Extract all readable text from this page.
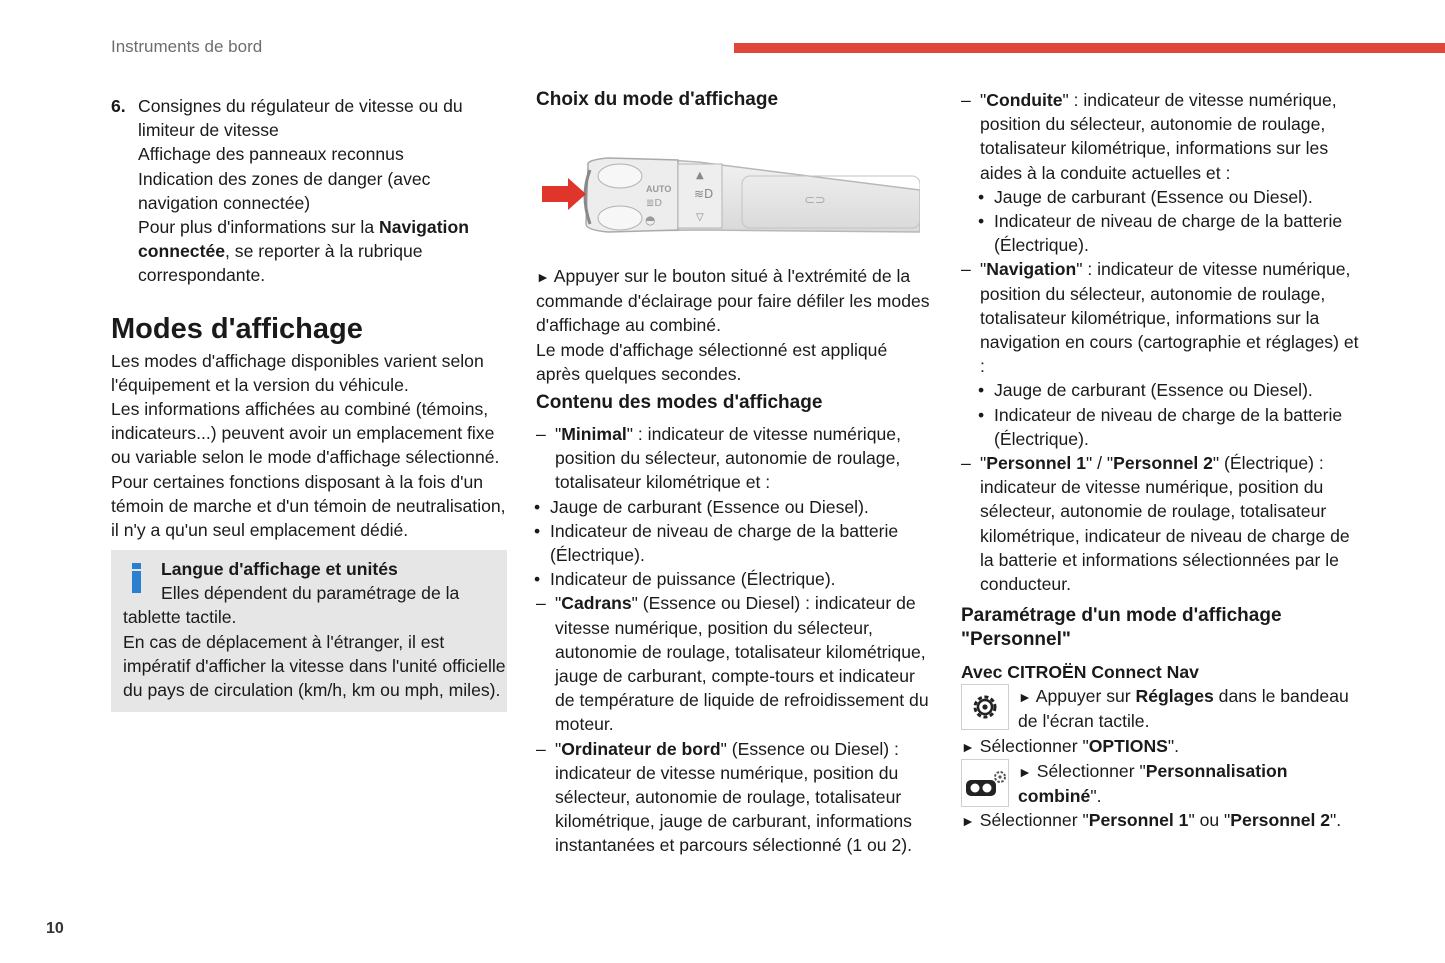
Instruments de bord
6. Consignes du régulateur de vitesse ou du limiteur de vitesse

Affichage des panneaux reconnus

Indication des zones de danger (avec navigation connectée)

Pour plus d'informations sur la Navigation connectée, se reporter à la rubrique correspondante.

Modes d'affichage

Les modes d'affichage disponibles varient selon l'équipement et la version du véhicule.

Les informations affichées au combiné (témoins, indicateurs...) peuvent avoir un emplacement fixe ou variable selon le mode d'affichage sélectionné.

Pour certaines fonctions disposant à la fois d'un témoin de marche et d'un témoin de neutralisation, il n'y a qu'un seul emplacement dédié.

Langue d'affichage et unités

Elles dépendent du paramétrage de la

tablette tactile.

En cas de déplacement à l'étranger, il est impératif d'afficher la vitesse dans l'unité officielle du pays de circulation (km/h, km ou mph, miles).

Choix du mode d'affichage
AUTO
≣D
◓
▲
≋D
▽
⊂⊃

► Appuyer sur le bouton situé à l'extrémité de la commande d'éclairage pour faire défiler les modes d'affichage au combiné.

Le mode d'affichage sélectionné est appliqué après quelques secondes.

Contenu des modes d'affichage

– "Minimal" : indicateur de vitesse numérique, position du sélecteur, autonomie de roulage, totalisateur kilométrique et :

• Jauge de carburant (Essence ou Diesel).

• Indicateur de niveau de charge de la batterie (Électrique).

• Indicateur de puissance (Électrique).

– "Cadrans" (Essence ou Diesel) : indicateur de vitesse numérique, position du sélecteur, autonomie de roulage, totalisateur kilométrique, jauge de carburant, compte-tours et indicateur de température de liquide de refroidissement du moteur.

– "Ordinateur de bord" (Essence ou Diesel) : indicateur de vitesse numérique, position du sélecteur, autonomie de roulage, totalisateur kilométrique, jauge de carburant, informations instantanées et parcours sélectionné (1 ou 2).

– "Conduite" : indicateur de vitesse numérique, position du sélecteur, autonomie de roulage, totalisateur kilométrique, informations sur les aides à la conduite actuelles et :

• Jauge de carburant (Essence ou Diesel).

• Indicateur de niveau de charge de la batterie (Électrique).

– "Navigation" : indicateur de vitesse numérique, position du sélecteur, autonomie de roulage, totalisateur kilométrique, informations sur la navigation en cours (cartographie et réglages) et :

• Jauge de carburant (Essence ou Diesel).

• Indicateur de niveau de charge de la batterie (Électrique).

– "Personnel 1" / "Personnel 2" (Électrique) : indicateur de vitesse numérique, position du sélecteur, autonomie de roulage, totalisateur kilométrique, indicateur de niveau de charge de la batterie et informations sélectionnées par le conducteur.

Paramétrage d'un mode d'affichage "Personnel"
Avec CITROËN Connect Nav

► Appuyer sur Réglages dans le bandeau de l'écran tactile.

► Sélectionner "OPTIONS".

► Sélectionner "Personnalisation combiné".

► Sélectionner "Personnel 1" ou "Personnel 2".

10
